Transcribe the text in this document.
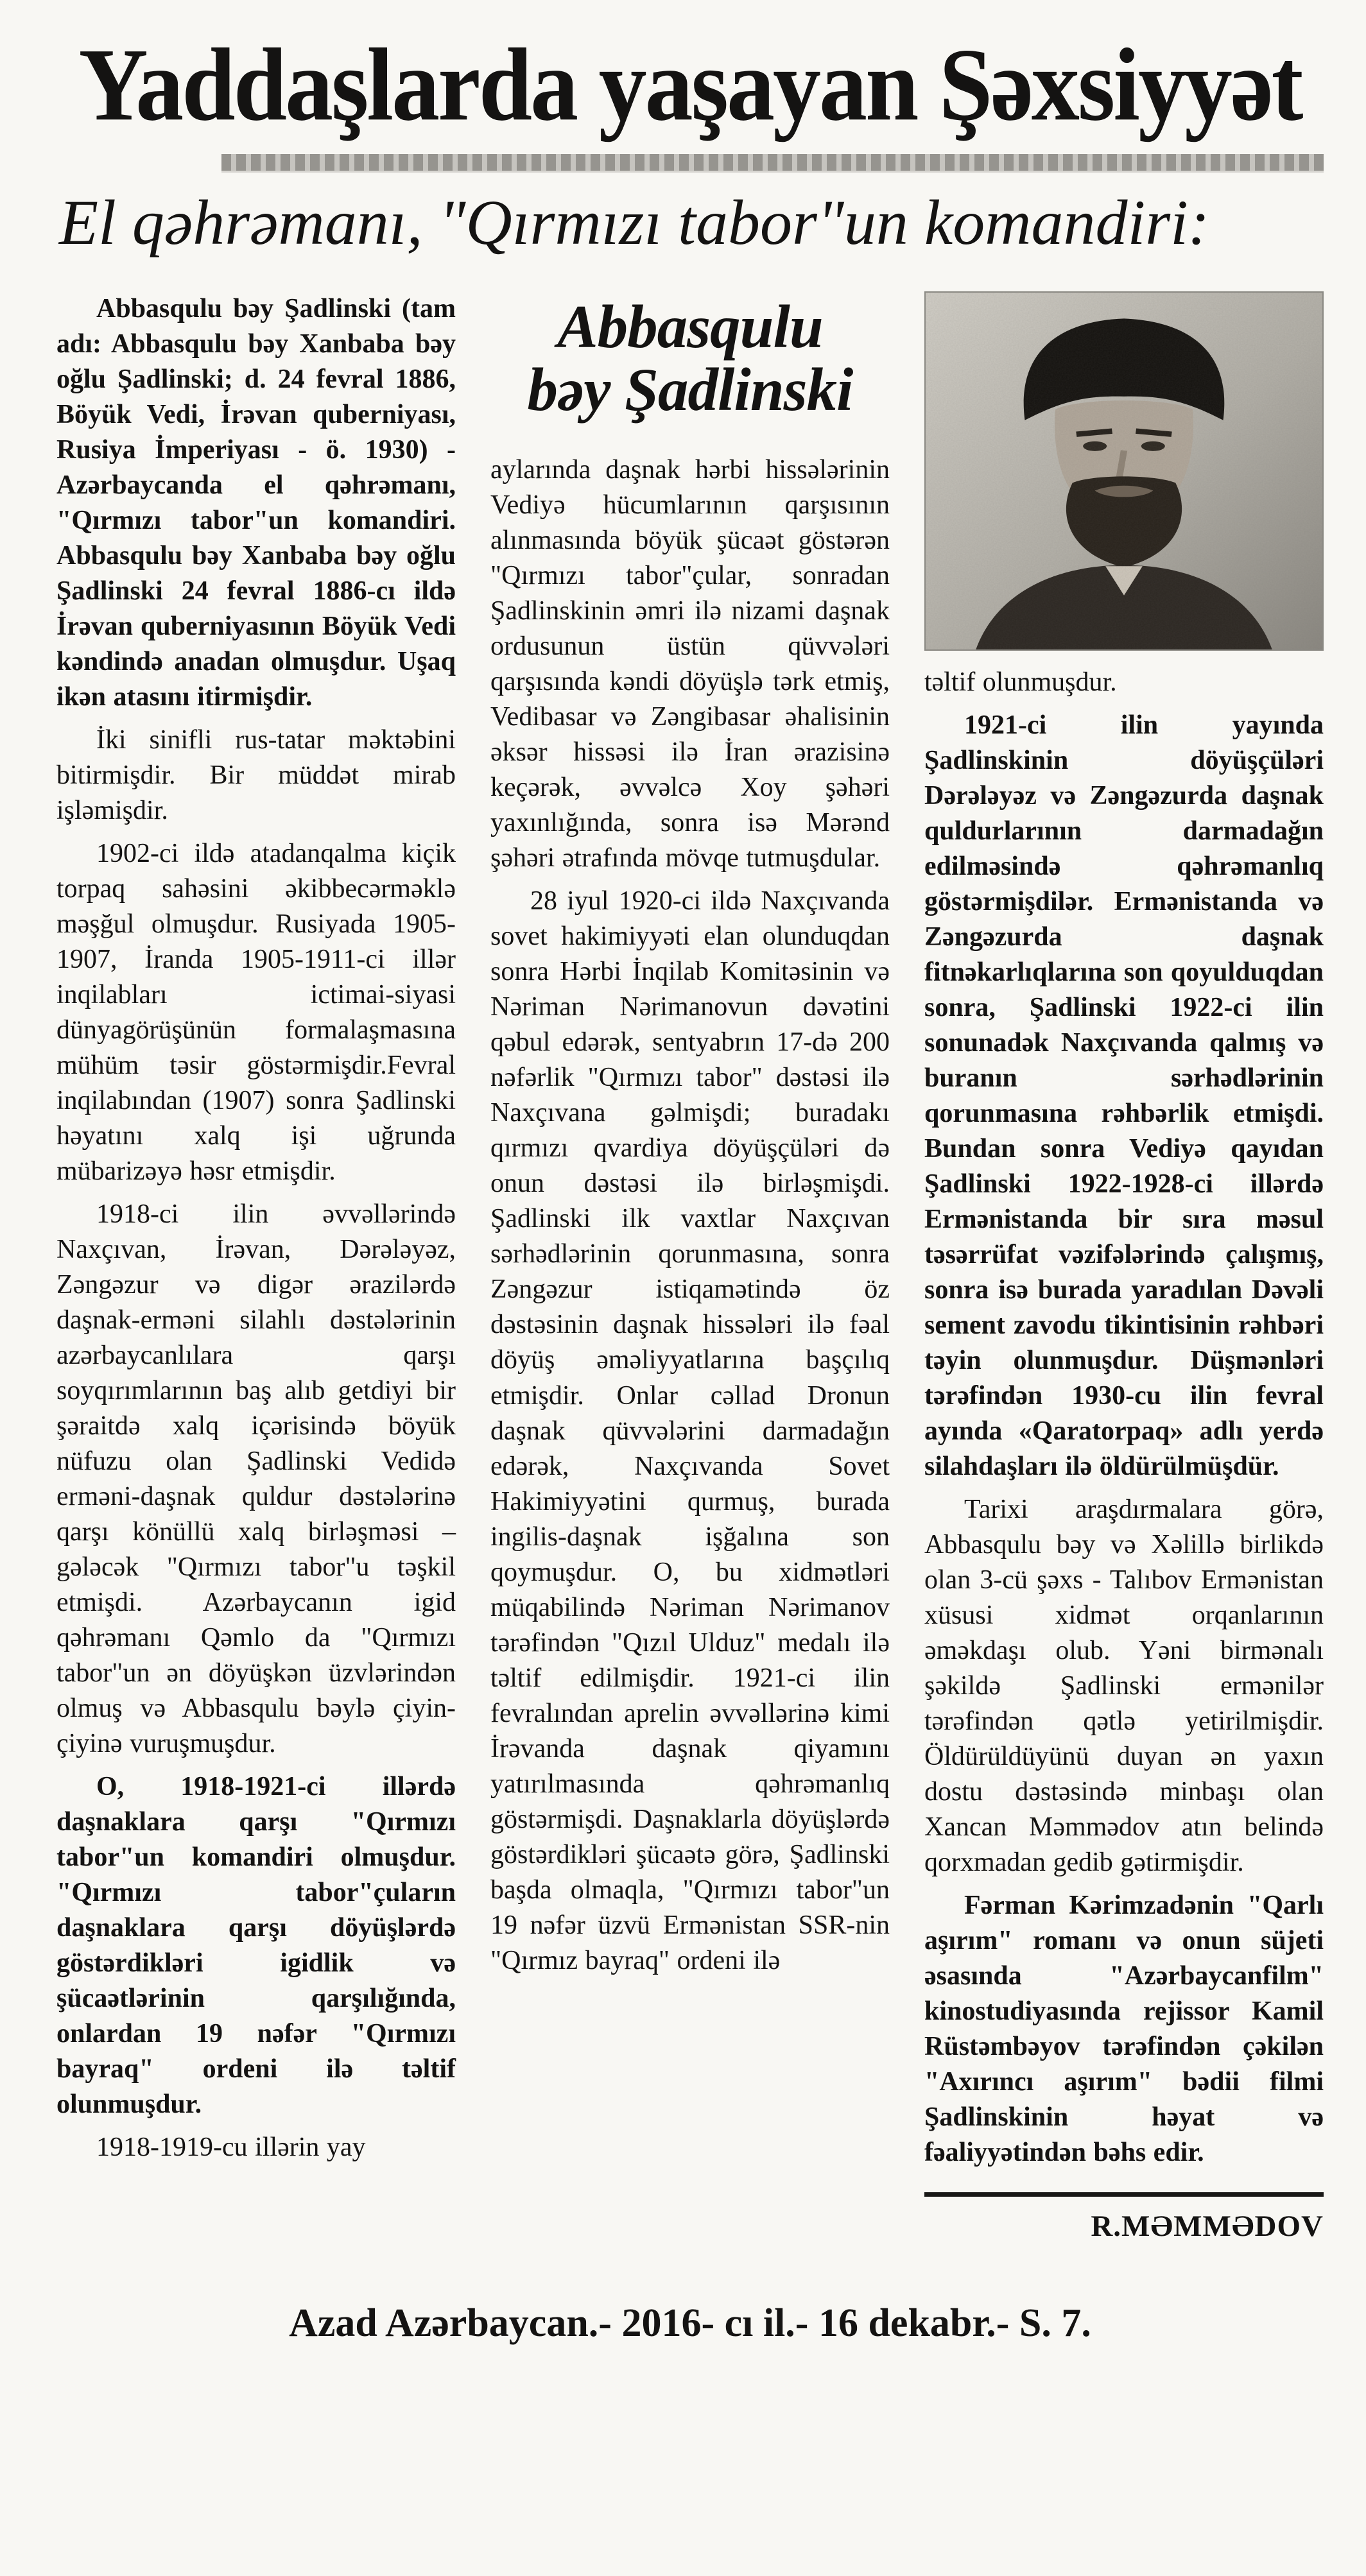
Yaddaşlarda yaşayan Şəxsiyyət
El qəhrəmanı, "Qırmızı tabor"un komandiri:

Abbasqulu bəy Şadlinski (tam adı: Abbasqulu bəy Xanbaba bəy oğlu Şadlinski; d. 24 fevral 1886, Böyük Vedi, İrəvan quberniyası, Rusiya İmperiyası - ö. 1930) - Azərbaycanda el qəhrəmanı, "Qırmızı tabor"un komandiri. Abbasqulu bəy Xanbaba bəy oğlu Şadlinski 24 fevral 1886-cı ildə İrəvan quberniyasının Böyük Vedi kəndində anadan olmuşdur. Uşaq ikən atasını itirmişdir.

İki sinifli rus-tatar məktəbini bitirmişdir. Bir müddət mirab işləmişdir.

1902-ci ildə atadanqalma kiçik torpaq sahəsini əkibbecərməklə məşğul olmuşdur. Rusiyada 1905-1907, İranda 1905-1911-ci illər inqilabları ictimai-siyasi dünyagörüşünün formalaşmasına mühüm təsir göstərmişdir.Fevral inqilabından (1907) sonra Şadlinski həyatını xalq işi uğrunda mübarizəyə həsr etmişdir.

1918-ci ilin əvvəllərində Naxçıvan, İrəvan, Dərələyəz, Zəngəzur və digər ərazilərdə daşnak-erməni silahlı dəstələrinin azərbaycanlılara qarşı soyqırımlarının baş alıb getdiyi bir şəraitdə xalq içərisində böyük nüfuzu olan Şadlinski Vedidə erməni-daşnak quldur dəstələrinə qarşı könüllü xalq birləşməsi – gələcək "Qırmızı tabor"u təşkil etmişdi. Azərbaycanın igid qəhrəmanı Qəmlo da "Qırmızı tabor"un ən döyüşkən üzvlərindən olmuş və Abbasqulu bəylə çiyin-çiyinə vuruşmuşdur.

O, 1918-1921-ci illərdə daşnaklara qarşı "Qırmızı tabor"un komandiri olmuşdur. "Qırmızı tabor"çuların daşnaklara qarşı döyüşlərdə göstərdikləri igidlik və şücaətlərinin qarşılığında, onlardan 19 nəfər "Qırmızı bayraq" ordeni ilə təltif olunmuşdur.

1918-1919-cu illərin yay

Abbasqulu
bəy Şadlinski

aylarında daşnak hərbi hissələrinin Vediyə hücumlarının qarşısının alınmasında böyük şücaət göstərən "Qırmızı tabor"çular, sonradan Şadlinskinin əmri ilə nizami daşnak ordusunun üstün qüvvələri qarşısında kəndi döyüşlə tərk etmiş, Vedibasar və Zəngibasar əhalisinin əksər hissəsi ilə İran ərazisinə keçərək, əvvəlcə Xoy şəhəri yaxınlığında, sonra isə Mərənd şəhəri ətrafında mövqe tutmuşdular.

28 iyul 1920-ci ildə Naxçıvanda sovet hakimiyyəti elan olunduqdan sonra Hərbi İnqilab Komitəsinin və Nəriman Nərimanovun dəvətini qəbul edərək, sentyabrın 17-də 200 nəfərlik "Qırmızı tabor" dəstəsi ilə Naxçıvana gəlmişdi; buradakı qırmızı qvardiya döyüşçüləri də onun dəstəsi ilə birləşmişdi. Şadlinski ilk vaxtlar Naxçıvan sərhədlərinin qorunmasına, sonra Zəngəzur istiqamətində öz dəstəsinin daşnak hissələri ilə fəal döyüş əməliyyatlarına başçılıq etmişdir. Onlar cəllad Dronun daşnak qüvvələrini darmadağın edərək, Naxçıvanda Sovet Hakimiyyətini qurmuş, burada ingilis-daşnak işğalına son qoymuşdur. O, bu xidmətləri müqabilində Nəriman Nərimanov tərəfindən "Qızıl Ulduz" medalı ilə təltif edilmişdir. 1921-ci ilin fevralından aprelin əvvəllərinə kimi İrəvanda daşnak qiyamını yatırılmasında qəhrəmanlıq göstərmişdi. Daşnaklarla döyüşlərdə göstərdikləri şücaətə görə, Şadlinski başda olmaqla, "Qırmızı tabor"un 19 nəfər üzvü Ermənistan SSR-nin "Qırmız bayraq" ordeni ilə

təltif olunmuşdur.

1921-ci ilin yayında Şadlinskinin döyüşçüləri Dərələyəz və Zəngəzurda daşnak quldurlarının darmadağın edilməsində qəhrəmanlıq göstərmişdilər. Ermənistanda və Zəngəzurda daşnak fitnəkarlıqlarına son qoyulduqdan sonra, Şadlinski 1922-ci ilin sonunadək Naxçıvanda qalmış və buranın sərhədlərinin qorunmasına rəhbərlik etmişdi. Bundan sonra Vediyə qayıdan Şadlinski 1922-1928-ci illərdə Ermənistanda bir sıra məsul təsərrüfat vəzifələrində çalışmış, sonra isə burada yaradılan Dəvəli sement zavodu tikintisinin rəhbəri təyin olunmuşdur. Düşmənləri tərəfindən 1930-cu ilin fevral ayında «Qaratorpaq» adlı yerdə silahdaşları ilə öldürülmüşdür.

Tarixi araşdırmalara görə, Abbasqulu bəy və Xəlillə birlikdə olan 3-cü şəxs - Talıbov Ermənistan xüsusi xidmət orqanlarının əməkdaşı olub. Yəni birmənalı şəkildə Şadlinski ermənilər tərəfindən qətlə yetirilmişdir. Öldürüldüyünü duyan ən yaxın dostu dəstəsində minbaşı olan Xancan Məmmədov atın belində qorxmadan gedib gətirmişdir.

Fərman Kərimzadənin "Qarlı aşırım" romanı və onun süjeti əsasında "Azərbaycanfilm" kinostudiyasında rejissor Kamil Rüstəmbəyov tərəfindən çəkilən "Axırıncı aşırım" bədii filmi Şadlinskinin həyat və fəaliyyətindən bəhs edir.

R.MƏMMƏDOV
Azad Azərbaycan.- 2016- cı il.- 16 dekabr.- S. 7.
